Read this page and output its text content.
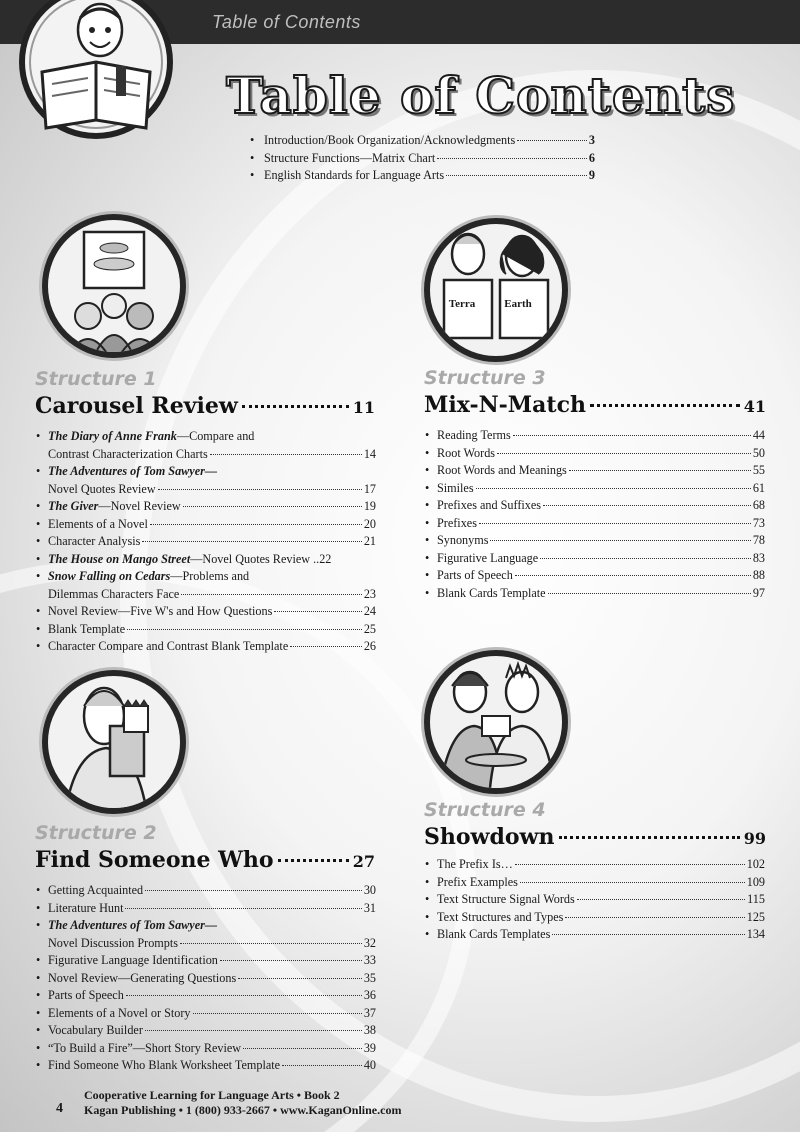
Table of Contents
Table of Contents
• Introduction/Book Organization/Acknowledgments	3
• Structure Functions—Matrix Chart	6
• English Standards for Language Arts	9
Structure 1
Carousel Review	11
• The Diary of Anne Frank—Compare and
Contrast Characterization Charts	14
• The Adventures of Tom Sawyer—
Novel Quotes Review	17
• The Giver—Novel Review	19
• Elements of a Novel	20
• Character Analysis	21
• The House on Mango Street—Novel Quotes Review .. 22
• Snow Falling on Cedars—Problems and
Dilemmas Characters Face	23
• Novel Review—Five W's and How Questions	24
• Blank Template	25
• Character Compare and Contrast Blank Template	26
Structure 2
Find Someone Who	27
• Getting Acquainted	30
• Literature Hunt	31
• The Adventures of Tom Sawyer—
Novel Discussion Prompts	32
• Figurative Language Identification	33
• Novel Review—Generating Questions	35
• Parts of Speech	36
• Elements of a Novel or Story	37
• Vocabulary Builder	38
• “To Build a Fire”—Short Story Review	39
• Find Someone Who Blank Worksheet Template	40
Terra	Earth
Structure 3
Mix-N-Match	41
• Reading Terms	44
• Root Words	50
• Root Words and Meanings	55
• Similes	61
• Prefixes and Suffixes	68
• Prefixes	73
• Synonyms	78
• Figurative Language	83
• Parts of Speech	88
• Blank Cards Template	97
Structure 4
Showdown	99
• The Prefix Is…	102
• Prefix Examples	109
• Text Structure Signal Words	115
• Text Structures and Types	125
• Blank Cards Templates	134
4
Cooperative Learning for Language Arts • Book 2
Kagan Publishing • 1 (800) 933-2667 • www.KaganOnline.com
